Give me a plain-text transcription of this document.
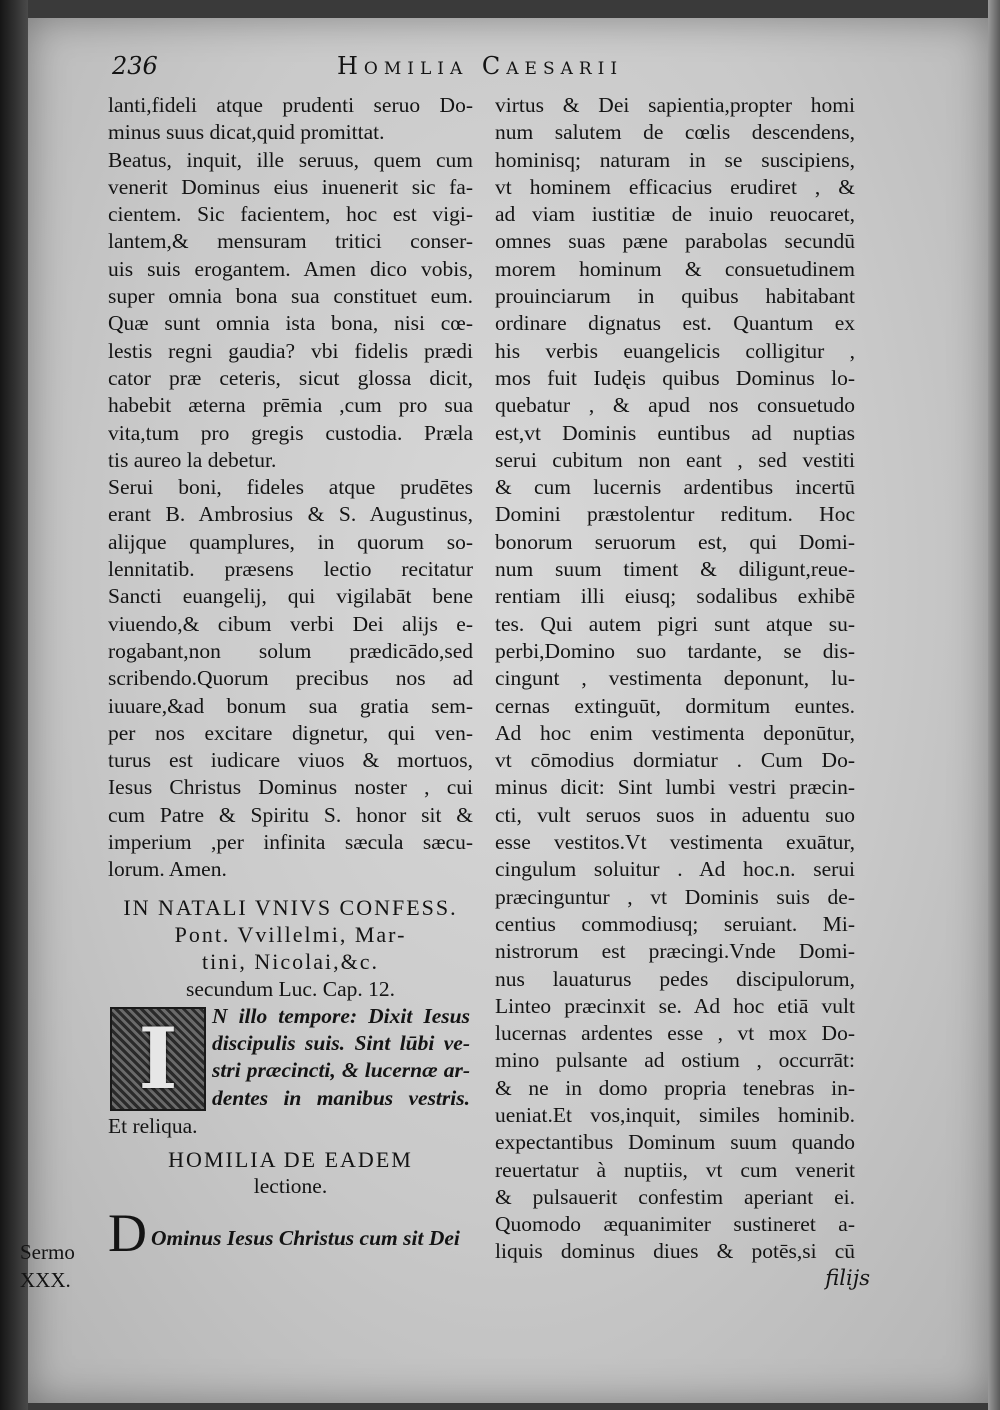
236	Homilia Caesarii
lanti,fideli atque prudenti seruo Do-
minus suus dicat,quid promittat.
Beatus, inquit, ille seruus, quem cum
venerit Dominus eius inuenerit sic fa-
cientem. Sic facientem, hoc est vigi-
lantem,& mensuram tritici conser-
uis suis erogantem. Amen dico vobis,
super omnia bona sua constituet eum.
Quæ sunt omnia ista bona, nisi cœ-
lestis regni gaudia? vbi fidelis prædi
cator præ ceteris, sicut glossa dicit,
habebit æterna prēmia ,cum pro sua
vita,tum pro gregis custodia. Præla
tis aureo la debetur.
Serui boni, fideles atque prudētes
erant B. Ambrosius & S. Augustinus,
alijque quamplures, in quorum so-
lennitatib. præsens lectio recitatur
Sancti euangelij, qui vigilabāt bene
viuendo,& cibum verbi Dei alijs e-
rogabant,non solum prædicādo,sed
scribendo.Quorum precibus nos ad
iuuare,&ad bonum sua gratia sem-
per nos excitare dignetur, qui ven-
turus est iudicare viuos & mortuos,
Iesus Christus Dominus noster , cui
cum Patre & Spiritu S. honor sit &
imperium ,per infinita sæcula sæcu-
lorum. Amen.
IN NATALI VNIVS CONFESS.
Pont. Vvillelmi, Mar-
tini, Nicolai,&c.
secundum Luc. Cap. 12.
I N illo tempore: Dixit Iesus
discipulis suis. Sint lūbi ve-
stri præcincti, & lucernæ ar-
dentes in manibus vestris.
Et reliqua.
HOMILIA DE EADEM
lectione.
D Ominus Iesus Christus cum sit Dei
virtus & Dei sapientia,propter homi
num salutem de cœlis descendens,
hominisq; naturam in se suscipiens,
vt hominem efficacius erudiret , &
ad viam iustitiæ de inuio reuocaret,
omnes suas pæne parabolas secundū
morem hominum & consuetudinem
prouinciarum in quibus habitabant
ordinare dignatus est. Quantum ex
his verbis euangelicis colligitur ,
mos fuit Iudęis quibus Dominus lo-
quebatur , & apud nos consuetudo
est,vt Dominis euntibus ad nuptias
serui cubitum non eant , sed vestiti
& cum lucernis ardentibus incertū
Domini præstolentur reditum. Hoc
bonorum seruorum est, qui Domi-
num suum timent & diligunt,reue-
rentiam illi eiusq; sodalibus exhibē
tes. Qui autem pigri sunt atque su-
perbi,Domino suo tardante, se dis-
cingunt , vestimenta deponunt, lu-
cernas extinguūt, dormitum euntes.
Ad hoc enim vestimenta deponūtur,
vt cōmodius dormiatur . Cum Do-
minus dicit: Sint lumbi vestri præcin-
cti, vult seruos suos in aduentu suo
esse vestitos.Vt vestimenta exuātur,
cingulum soluitur . Ad hoc.n. serui
præcinguntur , vt Dominis suis de-
centius commodiusq; seruiant. Mi-
nistrorum est præcingi.Vnde Domi-
nus lauaturus pedes discipulorum,
Linteo præcinxit se. Ad hoc etiā vult
lucernas ardentes esse , vt mox Do-
mino pulsante ad ostium , occurrāt:
& ne in domo propria tenebras in-
ueniat.Et vos,inquit, similes hominib.
expectantibus Dominum suum quando
reuertatur à nuptiis, vt cum venerit
& pulsauerit confestim aperiant ei.
Quomodo æquanimiter sustineret a-
liquis dominus diues & potēs,si cū
Sermo
XXX.	filijs
